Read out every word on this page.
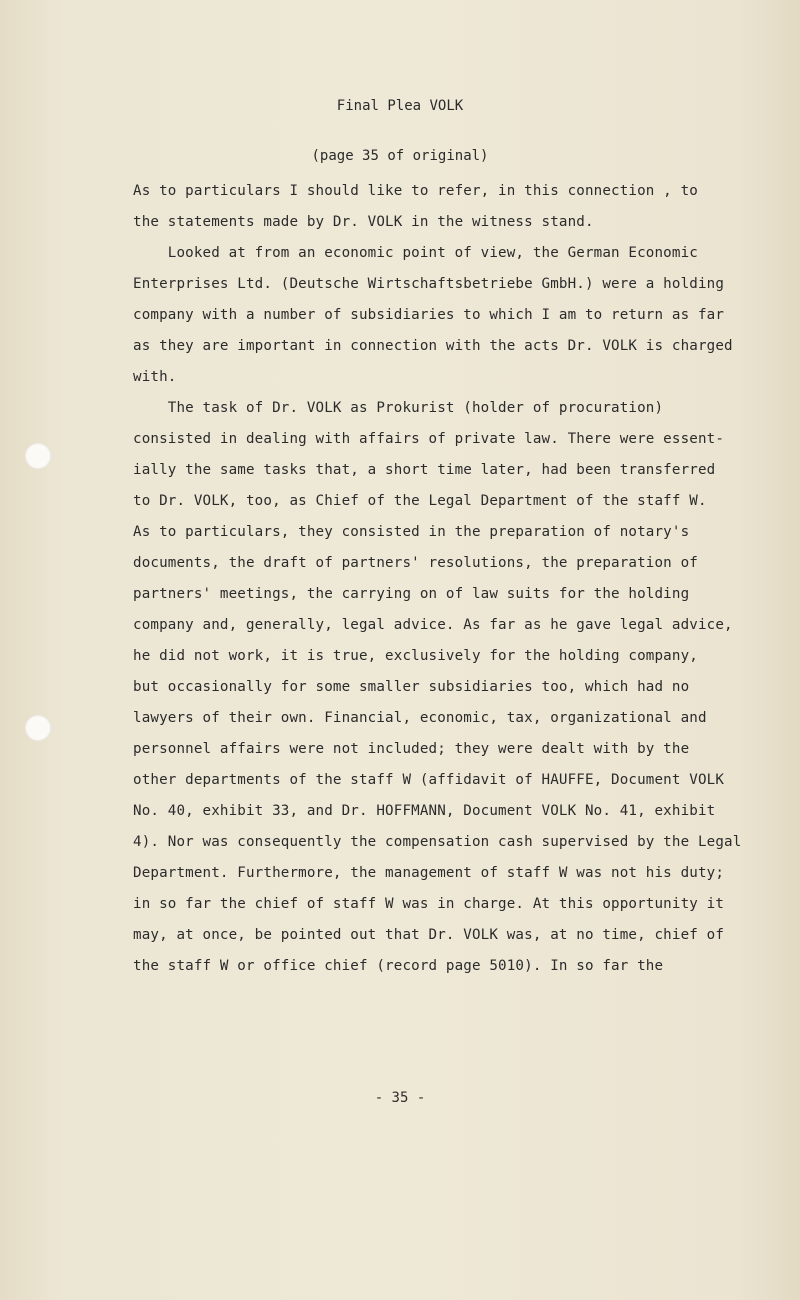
Final Plea VOLK
(page 35 of original)
As to particulars I should like to refer, in this connection , to
the statements made by Dr. VOLK in the witness stand.
Looked at from an economic point of view, the German Economic
Enterprises Ltd. (Deutsche Wirtschaftsbetriebe GmbH.) were a holding
company with a number of subsidiaries to which I am to return as far
as they are important in connection with the acts Dr. VOLK is charged
with.
The task of Dr. VOLK as Prokurist (holder of procuration)
consisted in dealing with affairs of private law. There were essent-
ially the same tasks that, a short time later, had been transferred
to Dr. VOLK, too, as Chief of the Legal Department of the staff W.
As to particulars, they consisted in the preparation of notary's
documents, the draft of partners' resolutions, the preparation of
partners' meetings, the carrying on of law suits for the holding
company and, generally, legal advice. As far as he gave legal advice,
he did not work, it is true, exclusively for the holding company,
but occasionally for some smaller subsidiaries too, which had no
lawyers of their own. Financial, economic, tax, organizational and
personnel affairs were not included; they were dealt with by the
other departments of the staff W (affidavit of HAUFFE, Document VOLK
No. 40, exhibit 33, and Dr. HOFFMANN, Document VOLK No. 41, exhibit
4). Nor was consequently the compensation cash supervised by the Legal
Department. Furthermore, the management of staff W was not his duty;
in so far the chief of staff W was in charge. At this opportunity it
may, at once, be pointed out that Dr. VOLK was, at no time, chief of
the staff W or office chief (record page 5010). In so far the
- 35 -
